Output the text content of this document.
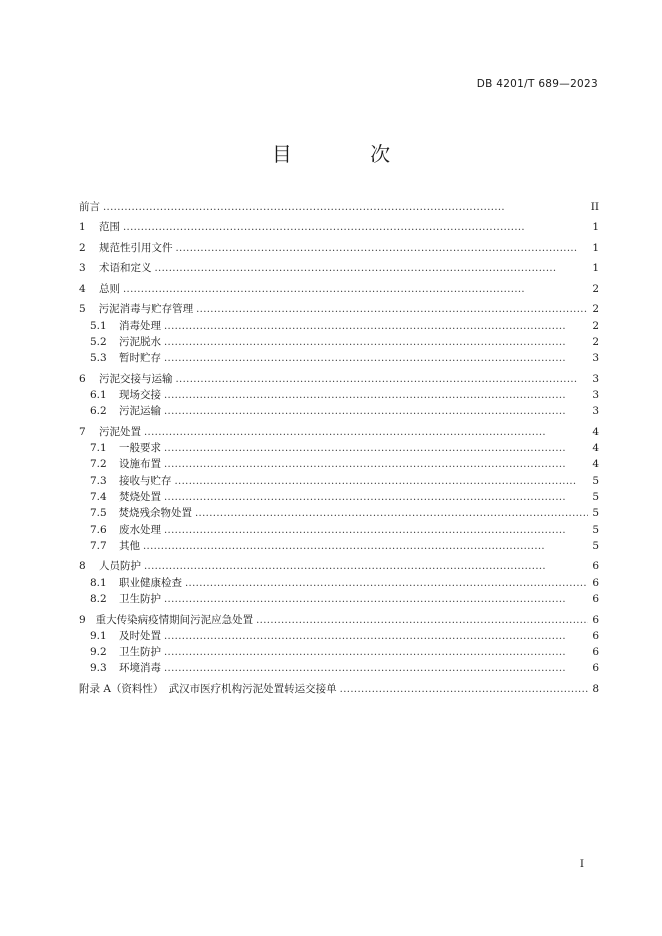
DB 4201/T 689—2023
目 次
前言 . . .	II
1	范围 . . .	1
2	规范性引用文件 . . .	1
3	术语和定义 . . .	1
4	总则 . . .	2
5	污泥消毒与贮存管理 . . .	2
5.1	消毒处理 . . .	2
5.2	污泥脱水 . . .	2
5.3	暂时贮存 . . .	3
6	污泥交接与运输 . . .	3
6.1	现场交接 . . .	3
6.2	污泥运输 . . .	3
7	污泥处置 . . .	4
7.1	一般要求 . . .	4
7.2	设施布置 . . .	4
7.3	接收与贮存 . . .	5
7.4	焚烧处置 . . .	5
7.5	焚烧残余物处置 . . .	5
7.6	废水处理 . . .	5
7.7	其他 . . .	5
8	人员防护 . . .	6
8.1	职业健康检查 . . .	6
8.2	卫生防护 . . .	6
9 重大传染病疫情期间污泥应急处置 . . .	6
9.1	及时处置 . . .	6
9.2	卫生防护 . . .	6
9.3	环境消毒 . . .	6
附录 A（资料性）　武汉市医疗机构污泥处置转运交接单 . . .	8
I
